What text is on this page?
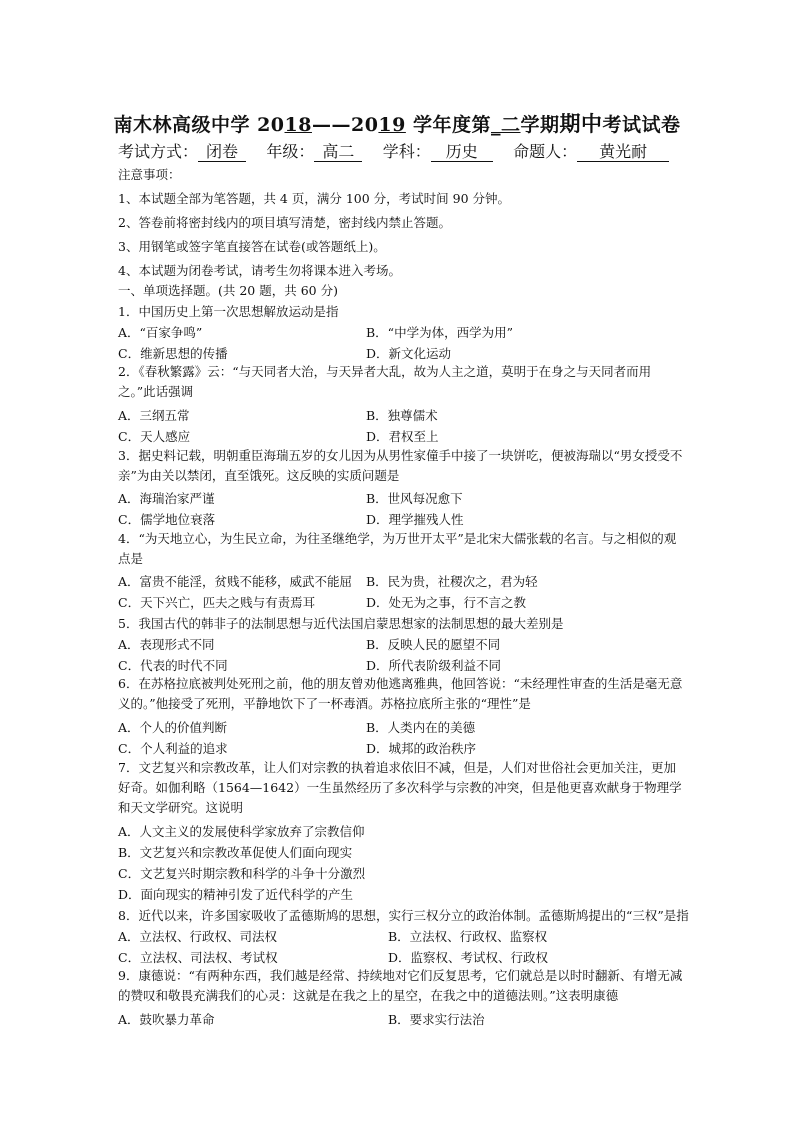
南木林高级中学 2018——2019 学年度第_二学期期中考试试卷
考试方式： 闭卷 年级： 高二 学科： 历史 命题人： 黄光耐
注意事项：
1、本试题全部为笔答题，共 4 页，满分 100 分，考试时间 90 分钟。
2、答卷前将密封线内的项目填写清楚，密封线内禁止答题。
3、用钢笔或签字笔直接答在试卷(或答题纸上)。
4、本试题为闭卷考试，请考生勿将课本进入考场。
一、单项选择题。(共 20 题，共 60 分)
1．中国历史上第一次思想解放运动是指
A．“百家争鸣”	B．“中学为体，西学为用”
C．维新思想的传播	D．新文化运动
2．《春秋繁露》云：“与天同者大治，与天异者大乱，故为人主之道，莫明于在身之与天同者而用之。”此话强调
A．三纲五常	B．独尊儒术
C．天人感应	D．君权至上
3．据史料记载，明朝重臣海瑞五岁的女儿因为从男性家僮手中接了一块饼吃，便被海瑞以“男女授受不亲”为由关以禁闭，直至饿死。这反映的实质问题是
A．海瑞治家严谨	B．世风每况愈下
C．儒学地位衰落	D．理学摧残人性
4．“为天地立心，为生民立命，为往圣继绝学，为万世开太平”是北宋大儒张载的名言。与之相似的观点是
A．富贵不能淫，贫贱不能移，威武不能屈 B．民为贵，社稷次之，君为轻
C．天下兴亡，匹夫之贱与有责焉耳	D．处无为之事，行不言之教
5．我国古代的韩非子的法制思想与近代法国启蒙思想家的法制思想的最大差别是
A．表现形式不同	B．反映人民的愿望不同
C．代表的时代不同	D．所代表阶级利益不同
6．在苏格拉底被判处死刑之前，他的朋友曾劝他逃离雅典，他回答说：“未经理性审查的生活是毫无意义的。”他接受了死刑，平静地饮下了一杯毒酒。苏格拉底所主张的“理性”是
A．个人的价值判断	B．人类内在的美德
C．个人利益的追求	D．城邦的政治秩序
7．文艺复兴和宗教改革，让人们对宗教的执着追求依旧不减，但是，人们对世俗社会更加关注，更加好奇。如伽利略（1564—1642）一生虽然经历了多次科学与宗教的冲突，但是他更喜欢献身于物理学和天文学研究。这说明
A．人文主义的发展使科学家放弃了宗教信仰
B．文艺复兴和宗教改革促使人们面向现实
C．文艺复兴时期宗教和科学的斗争十分激烈
D．面向现实的精神引发了近代科学的产生
8．近代以来，许多国家吸收了孟德斯鸠的思想，实行三权分立的政治体制。孟德斯鸠提出的“三权”是指
A．立法权、行政权、司法权	B．立法权、行政权、监察权
C．立法权、司法权、考试权	D．监察权、考试权、行政权
9．康德说：“有两种东西，我们越是经常、持续地对它们反复思考，它们就总是以时时翻新、有增无减的赞叹和敬畏充满我们的心灵：这就是在我之上的星空，在我之中的道德法则。”这表明康德
A．鼓吹暴力革命	B．要求实行法治
